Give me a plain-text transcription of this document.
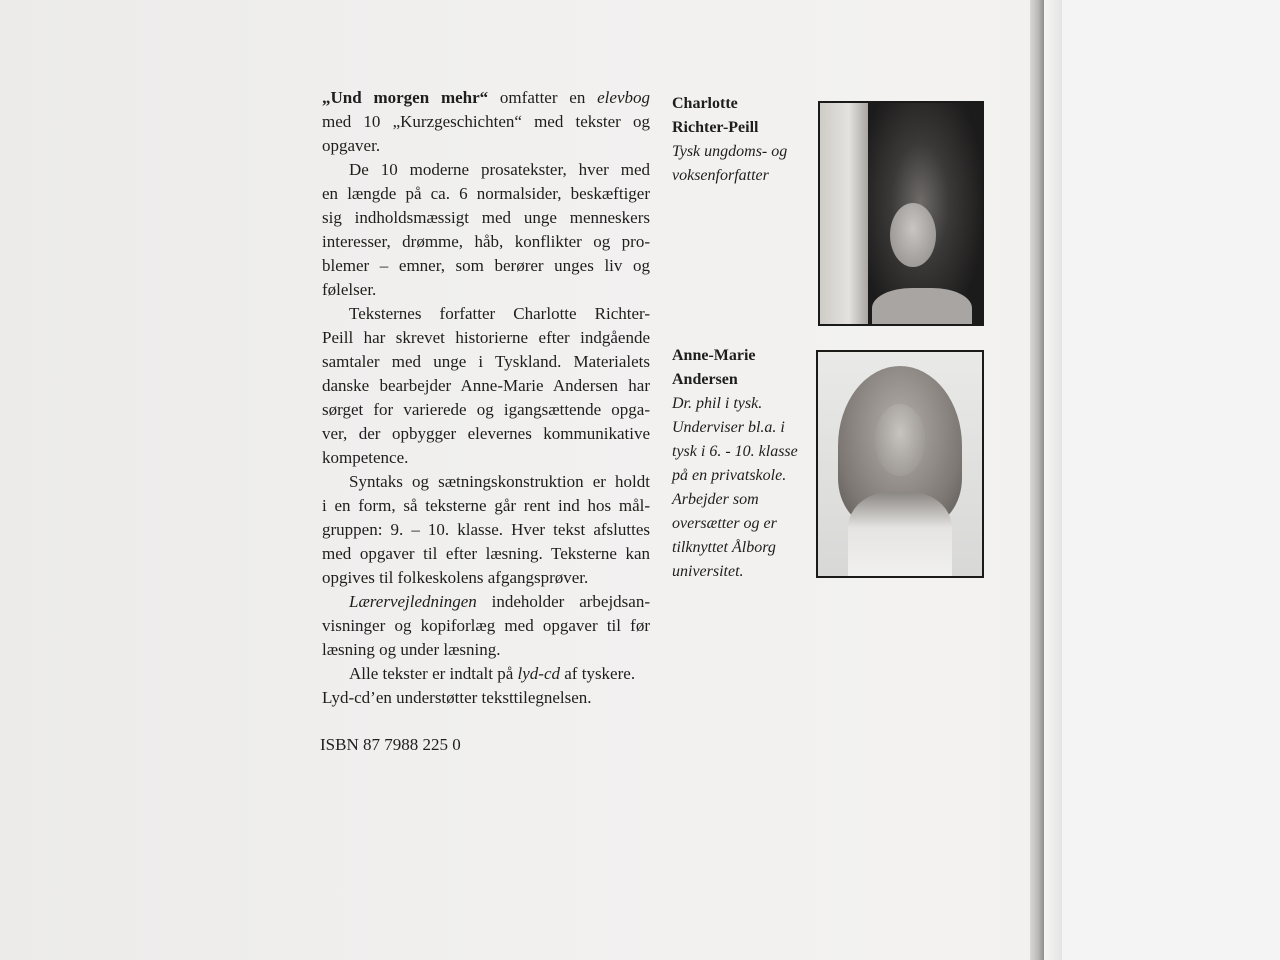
„Und morgen mehr“ omfatter en elevbog
med 10 „Kurzgeschichten“ med tekster og
opgaver.
De 10 moderne prosatekster, hver med
en længde på ca. 6 normalsider, beskæftiger
sig indholdsmæssigt med unge menneskers
interesser, drømme, håb, konflikter og pro-
blemer – emner, som berører unges liv og
følelser.
Teksternes forfatter Charlotte Richter-
Peill har skrevet historierne efter indgående
samtaler med unge i Tyskland. Materialets
danske bearbejder Anne-Marie Andersen har
sørget for varierede og igangsættende opga-
ver, der opbygger elevernes kommunikative
kompetence.
Syntaks og sætningskonstruktion er holdt
i en form, så teksterne går rent ind hos mål-
gruppen: 9. – 10. klasse. Hver tekst afsluttes
med opgaver til efter læsning. Teksterne kan
opgives til folkeskolens afgangsprøver.
Lærervejledningen indeholder arbejdsan-
visninger og kopiforlæg med opgaver til før
læsning og under læsning.
Alle tekster er indtalt på lyd-cd af tyskere.
Lyd-cd’en understøtter teksttilegnelsen.
ISBN 87 7988 225 0
Charlotte
Richter-Peill
Tysk ungdoms- og
voksenforfatter
Anne-Marie
Andersen
Dr. phil i tysk.
Underviser bl.a. i
tysk i 6. - 10. klasse
på en privatskole.
Arbejder som
oversætter og er
tilknyttet Ålborg
universitet.
